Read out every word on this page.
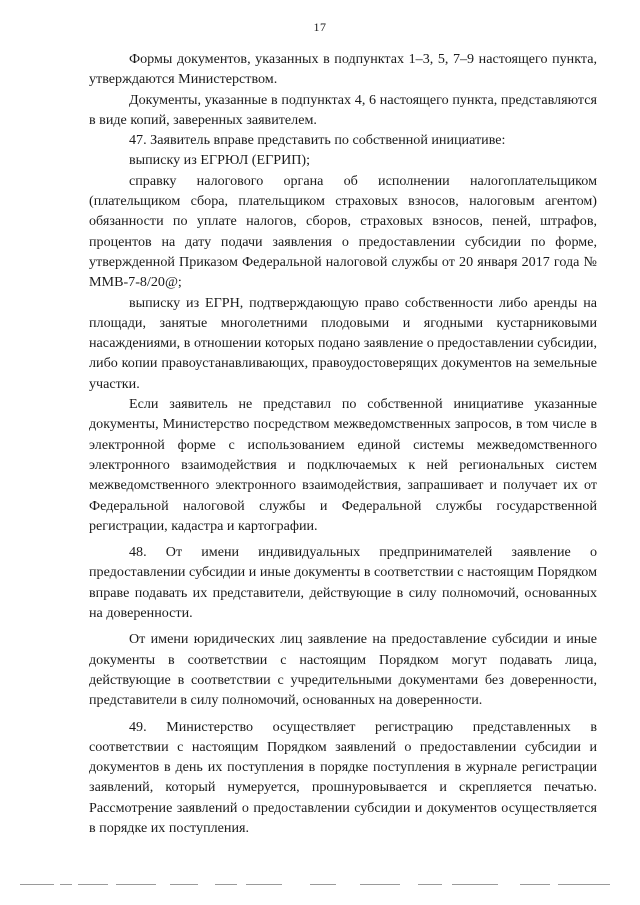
17

Формы документов, указанных в подпунктах 1–3, 5, 7–9 настоящего пункта, утверждаются Министерством.

Документы, указанные в подпунктах 4, 6 настоящего пункта, представляются в виде копий, заверенных заявителем.

47. Заявитель вправе представить по собственной инициативе:

выписку из ЕГРЮЛ (ЕГРИП);

справку налогового органа об исполнении налогоплательщиком (плательщиком сбора, плательщиком страховых взносов, налоговым агентом) обязанности по уплате налогов, сборов, страховых взносов, пеней, штрафов, процентов на дату подачи заявления о предоставлении субсидии по форме, утвержденной Приказом Федеральной налоговой службы от 20 января 2017 года № ММВ-7-8/20@;

выписку из ЕГРН, подтверждающую право собственности либо аренды на площади, занятые многолетними плодовыми и ягодными кустарниковыми насаждениями, в отношении которых подано заявление о предоставлении субсидии, либо копии правоустанавливающих, правоудостоверящих документов на земельные участки.

Если заявитель не представил по собственной инициативе указанные документы, Министерство посредством межведомственных запросов, в том числе в электронной форме с использованием единой системы межведомственного электронного взаимодействия и подключаемых к ней региональных систем межведомственного электронного взаимодействия, запрашивает и получает их от Федеральной налоговой службы и Федеральной службы государственной регистрации, кадастра и картографии.

48. От имени индивидуальных предпринимателей заявление о предоставлении субсидии и иные документы в соответствии с настоящим Порядком вправе подавать их представители, действующие в силу полномочий, основанных на доверенности.

От имени юридических лиц заявление на предоставление субсидии и иные документы в соответствии с настоящим Порядком могут подавать лица, действующие в соответствии с учредительными документами без доверенности, представители в силу полномочий, основанных на доверенности.

49. Министерство осуществляет регистрацию представленных в соответствии с настоящим Порядком заявлений о предоставлении субсидии и документов в день их поступления в порядке поступления в журнале регистрации заявлений, который нумеруется, прошнуровывается и скрепляется печатью. Рассмотрение заявлений о предоставлении субсидии и документов осуществляется в порядке их поступления.
